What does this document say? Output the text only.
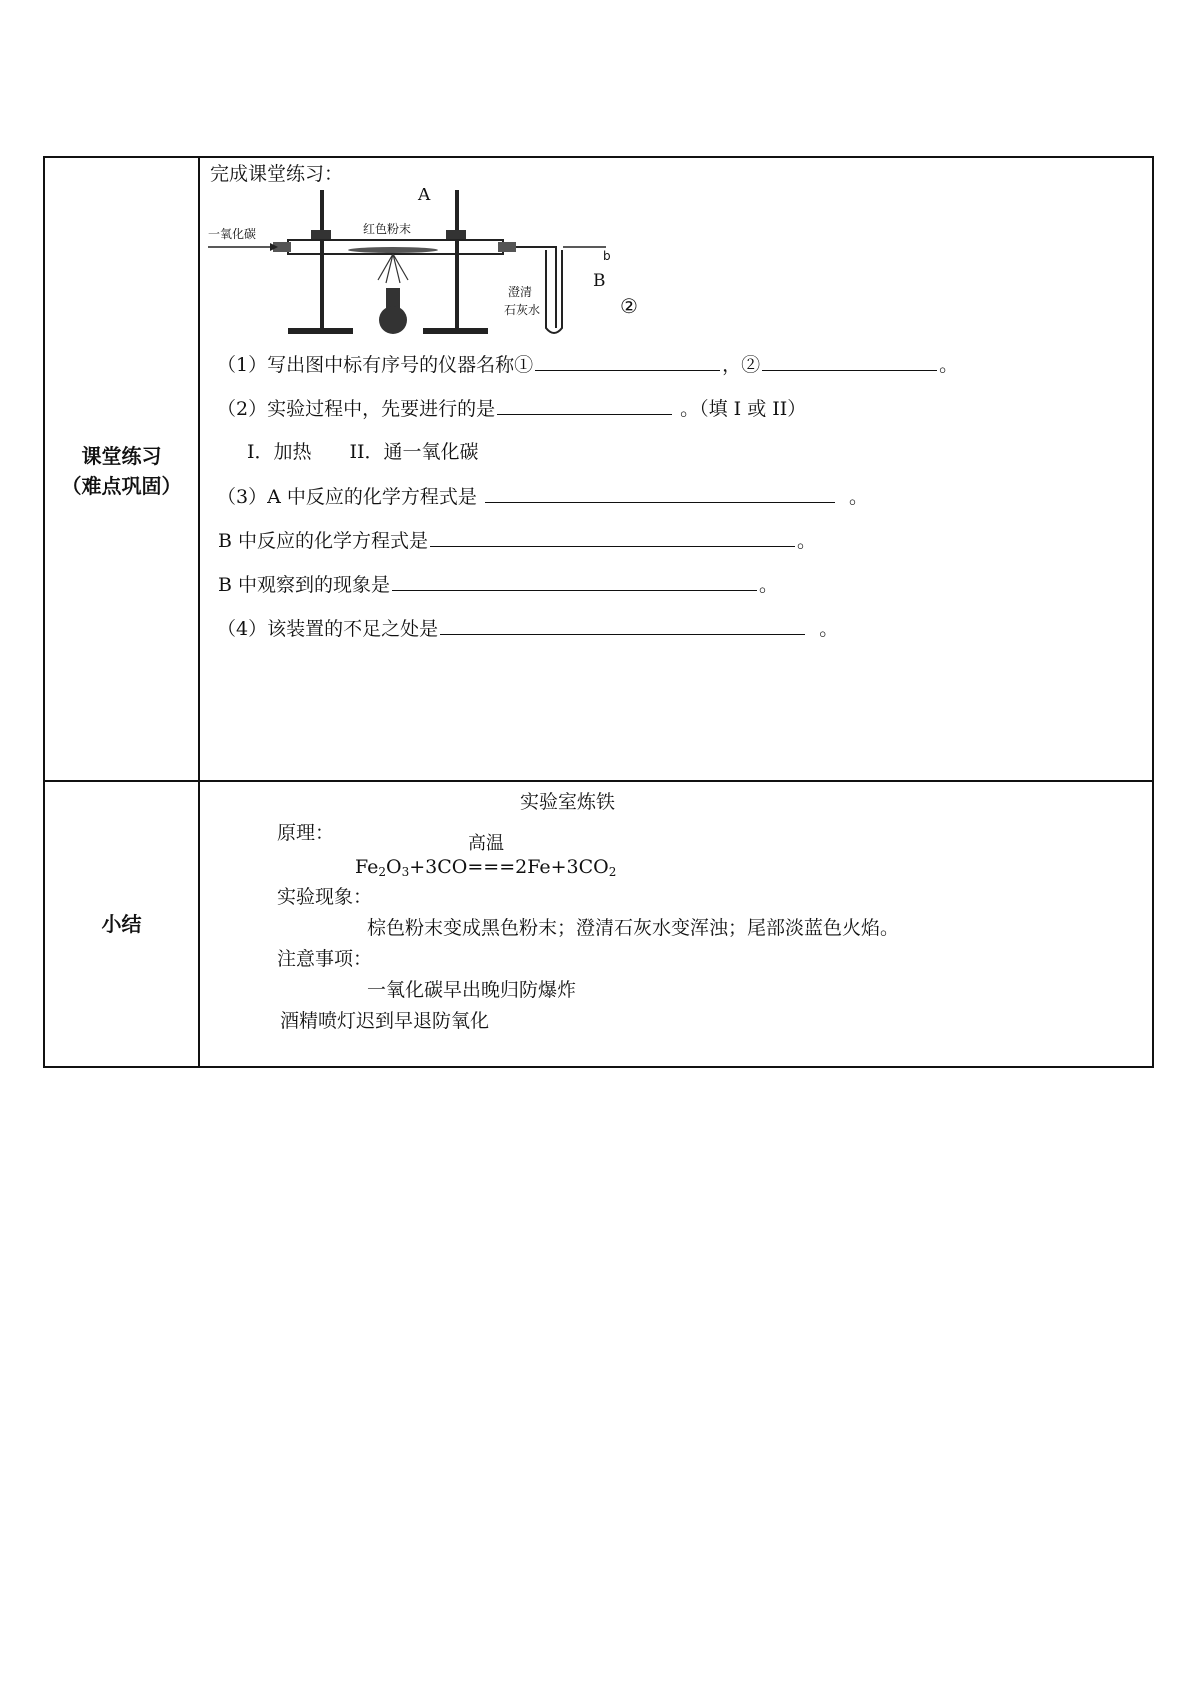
课堂练习
（难点巩固）
完成课堂练习：
A
一氧化碳	红色粉末
b
澄清
石灰水
B
②
（1）写出图中标有序号的仪器名称①	，②	。
（2）实验过程中，先要进行的是	。（填 I 或 II）
I．加热　　II．通一氧化碳
（3）A 中反应的化学方程式是	。
B 中反应的化学方程式是	。
B 中观察到的现象是	。
（4）该装置的不足之处是	。
小结
实验室炼铁
原理：	高温
$Fe_2O_3+3CO===2Fe+3CO_2$
实验现象：
棕色粉末变成黑色粉末；澄清石灰水变浑浊；尾部淡蓝色火焰。
注意事项：
一氧化碳早出晚归防爆炸
酒精喷灯迟到早退防氧化
